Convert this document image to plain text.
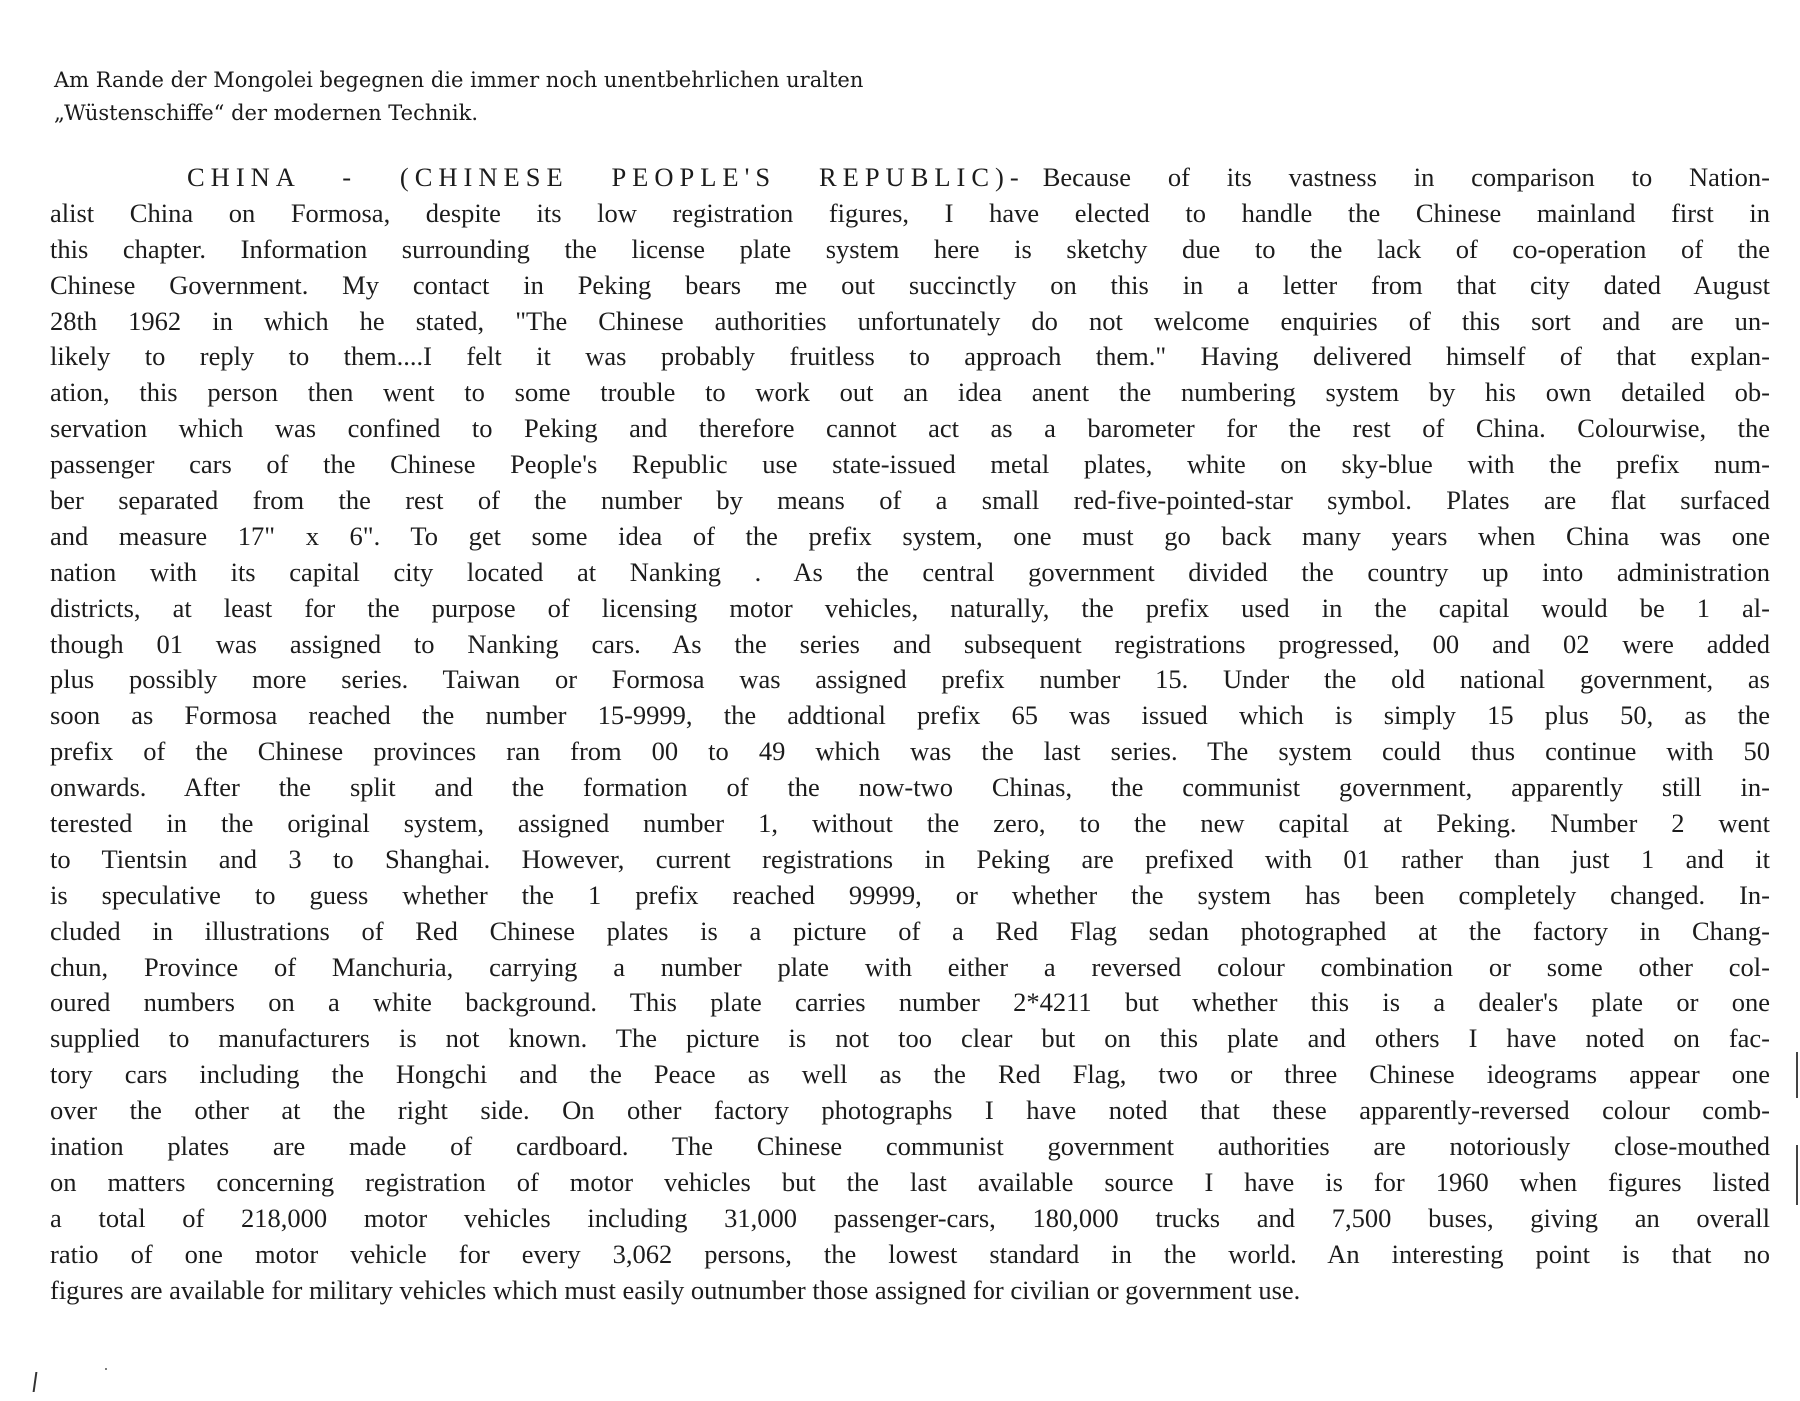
Am Rande der Mongolei begegnen die immer noch unentbehrlichen uralten
„Wüstenschiffe“ der modernen Technik.
CHINA - (CHINESE PEOPLE'S REPUBLIC)- Because of its vastness in comparison to Nation-
alist China on Formosa, despite its low registration figures, I have elected to handle the Chinese mainland first in
this chapter. Information surrounding the license plate system here is sketchy due to the lack of co-operation of the
Chinese Government. My contact in Peking bears me out succinctly on this in a letter from that city dated August
28th 1962 in which he stated, "The Chinese authorities unfortunately do not welcome enquiries of this sort and are un-
likely to reply to them....I felt it was probably fruitless to approach them." Having delivered himself of that explan-
ation, this person then went to some trouble to work out an idea anent the numbering system by his own detailed ob-
servation which was confined to Peking and therefore cannot act as a barometer for the rest of China. Colourwise, the
passenger cars of the Chinese People's Republic use state-issued metal plates, white on sky-blue with the prefix num-
ber separated from the rest of the number by means of a small red-five-pointed-star symbol. Plates are flat surfaced
and measure 17" x 6". To get some idea of the prefix system, one must go back many years when China was one
nation with its capital city located at Nanking . As the central government divided the country up into administration
districts, at least for the purpose of licensing motor vehicles, naturally, the prefix used in the capital would be 1 al-
though 01 was assigned to Nanking cars. As the series and subsequent registrations progressed, 00 and 02 were added
plus possibly more series. Taiwan or Formosa was assigned prefix number 15. Under the old national government, as
soon as Formosa reached the number 15-9999, the addtional prefix 65 was issued which is simply 15 plus 50, as the
prefix of the Chinese provinces ran from 00 to 49 which was the last series. The system could thus continue with 50
onwards. After the split and the formation of the now-two Chinas, the communist government, apparently still in-
terested in the original system, assigned number 1, without the zero, to the new capital at Peking. Number 2 went
to Tientsin and 3 to Shanghai. However, current registrations in Peking are prefixed with 01 rather than just 1 and it
is speculative to guess whether the 1 prefix reached 99999, or whether the system has been completely changed. In-
cluded in illustrations of Red Chinese plates is a picture of a Red Flag sedan photographed at the factory in Chang-
chun, Province of Manchuria, carrying a number plate with either a reversed colour combination or some other col-
oured numbers on a white background. This plate carries number 2*4211 but whether this is a dealer's plate or one
supplied to manufacturers is not known. The picture is not too clear but on this plate and others I have noted on fac-
tory cars including the Hongchi and the Peace as well as the Red Flag, two or three Chinese ideograms appear one
over the other at the right side. On other factory photographs I have noted that these apparently-reversed colour comb-
ination plates are made of cardboard. The Chinese communist government authorities are notoriously close-mouthed
on matters concerning registration of motor vehicles but the last available source I have is for 1960 when figures listed
a total of 218,000 motor vehicles including 31,000 passenger-cars, 180,000 trucks and 7,500 buses, giving an overall
ratio of one motor vehicle for every 3,062 persons, the lowest standard in the world. An interesting point is that no
figures are available for military vehicles which must easily outnumber those assigned for civilian or government use.
